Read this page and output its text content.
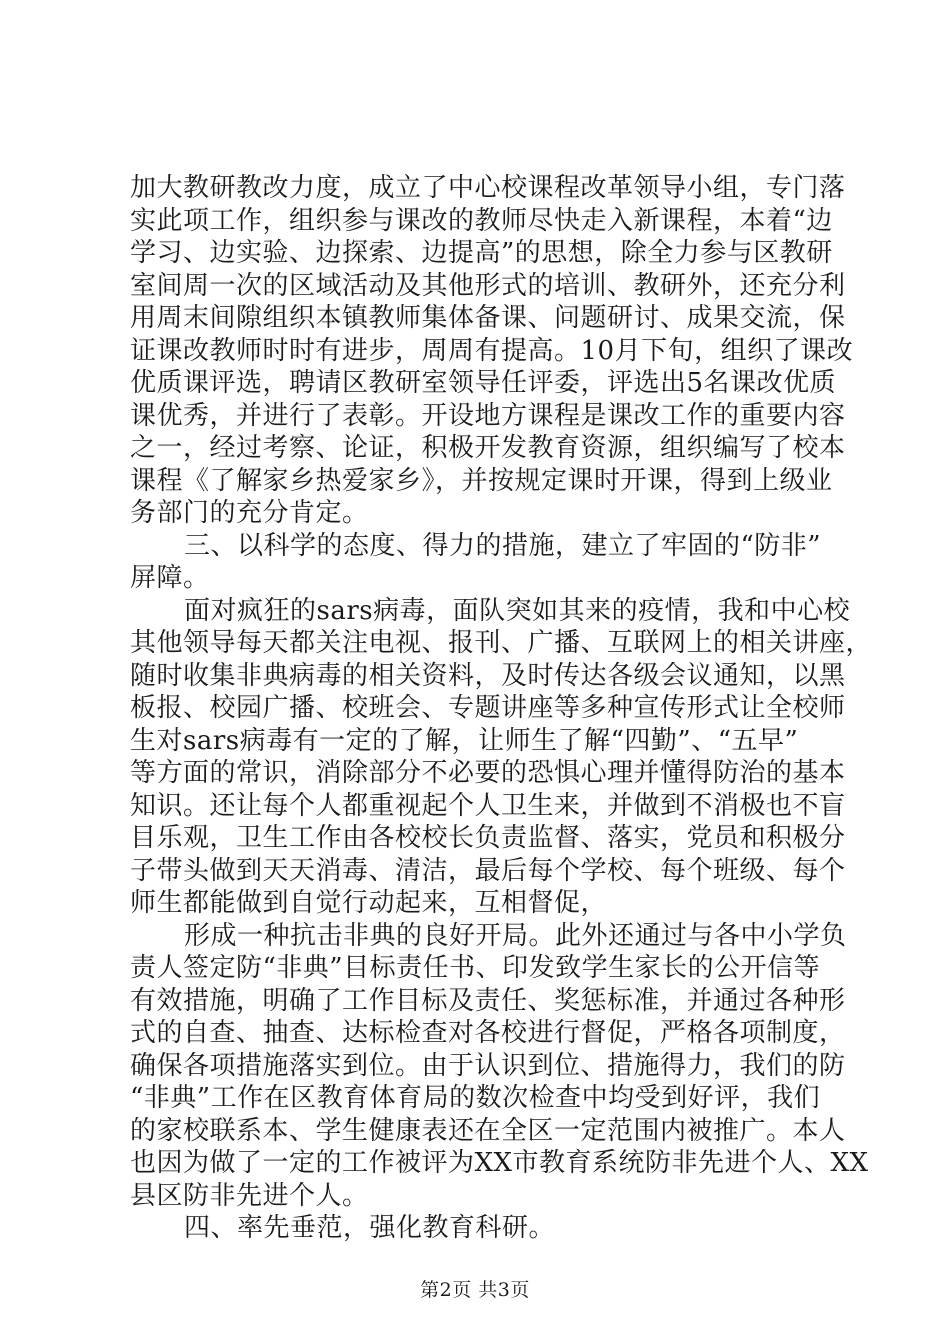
加大教研教改力度，成立了中心校课程改革领导小组，专门落
实此项工作，组织参与课改的教师尽快走入新课程，本着“边
学习、边实验、边探索、边提高”的思想，除全力参与区教研
室间周一次的区域活动及其他形式的培训、教研外，还充分利
用周末间隙组织本镇教师集体备课、问题研讨、成果交流，保
证课改教师时时有进步，周周有提高。10月下旬，组织了课改
优质课评选，聘请区教研室领导任评委，评选出5名课改优质
课优秀，并进行了表彰。开设地方课程是课改工作的重要内容
之一，经过考察、论证，积极开发教育资源，组织编写了校本
课程《了解家乡热爱家乡》，并按规定课时开课，得到上级业
务部门的充分肯定。
三、以科学的态度、得力的措施，建立了牢固的“防非”
屏障。
面对疯狂的sars病毒，面队突如其来的疫情，我和中心校
其他领导每天都关注电视、报刊、广播、互联网上的相关讲座，
随时收集非典病毒的相关资料，及时传达各级会议通知，以黑
板报、校园广播、校班会、专题讲座等多种宣传形式让全校师
生对sars病毒有一定的了解，让师生了解“四勤”、“五早”
等方面的常识，消除部分不必要的恐惧心理并懂得防治的基本
知识。还让每个人都重视起个人卫生来，并做到不消极也不盲
目乐观，卫生工作由各校校长负责监督、落实，党员和积极分
子带头做到天天消毒、清洁，最后每个学校、每个班级、每个
师生都能做到自觉行动起来，互相督促，
形成一种抗击非典的良好开局。此外还通过与各中小学负
责人签定防“非典”目标责任书、印发致学生家长的公开信等
有效措施，明确了工作目标及责任、奖惩标准，并通过各种形
式的自查、抽查、达标检查对各校进行督促，严格各项制度，
确保各项措施落实到位。由于认识到位、措施得力，我们的防
“非典”工作在区教育体育局的数次检查中均受到好评，我们
的家校联系本、学生健康表还在全区一定范围内被推广。本人
也因为做了一定的工作被评为XX市教育系统防非先进个人、XX
县区防非先进个人。
四、率先垂范，强化教育科研。
第2页 共3页
